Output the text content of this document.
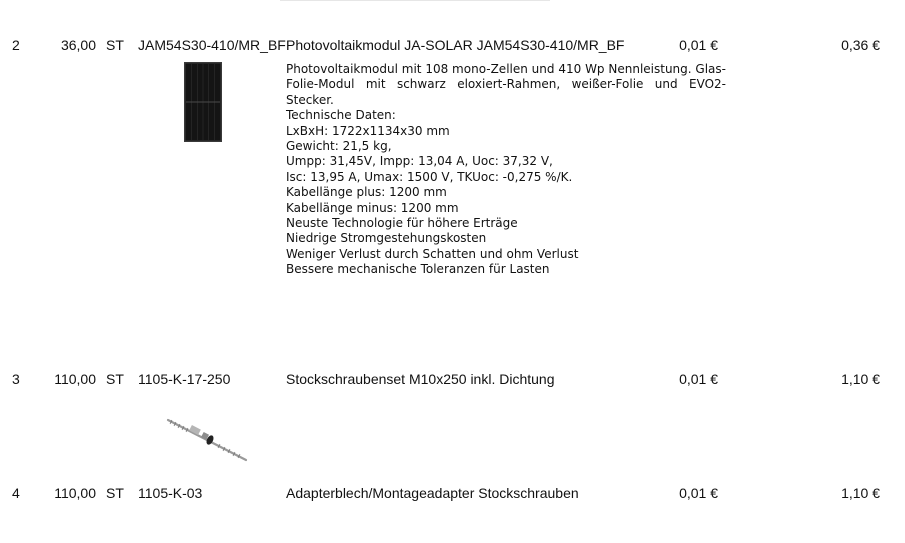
2	36,00 ST JAM54S30-410/MR_BF Photovoltaikmodul JA-SOLAR JAM54S30-410/MR_BF	0,01 €	0,36 €
Photovoltaikmodul mit 108 mono-Zellen und 410 Wp Nennleistung. Glas-Folie-Modul mit schwarz eloxiert-Rahmen, weißer-Folie und EVO2-Stecker.
Technische Daten:
LxBxH: 1722x1134x30 mm
Gewicht: 21,5 kg,
Umpp: 31,45V, Impp: 13,04 A, Uoc: 37,32 V,
Isc: 13,95 A, Umax: 1500 V, TKUoc: -0,275 %/K.
Kabellänge plus: 1200 mm
Kabellänge minus: 1200 mm
Neuste Technologie für höhere Erträge
Niedrige Stromgestehungskosten
Weniger Verlust durch Schatten und ohm Verlust
Bessere mechanische Toleranzen für Lasten
3	110,00 ST 1105-K-17-250	Stockschraubenset M10x250 inkl. Dichtung	0,01 €	1,10 €
4	110,00 ST 1105-K-03	Adapterblech/Montageadapter Stockschrauben	0,01 €	1,10 €
